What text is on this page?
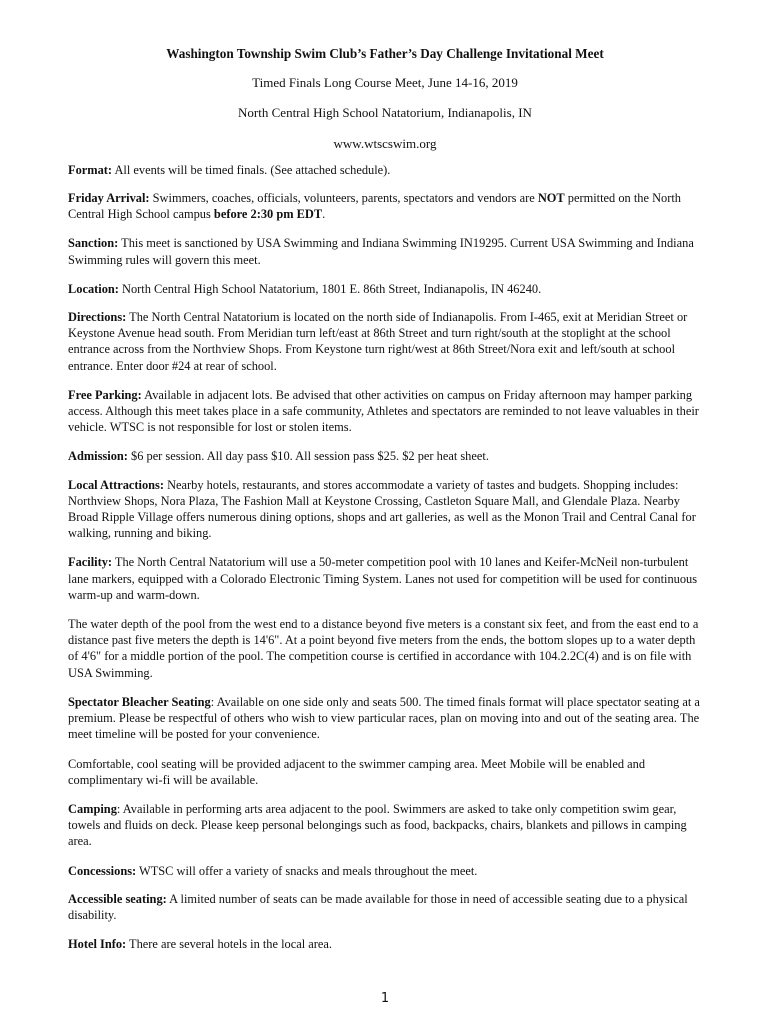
Washington Township Swim Club’s Father’s Day Challenge Invitational Meet

Timed Finals Long Course Meet, June 14-16, 2019

North Central High School Natatorium, Indianapolis, IN

www.wtscswim.org

Format: All events will be timed finals. (See attached schedule).

Friday Arrival: Swimmers, coaches, officials, volunteers, parents, spectators and vendors are NOT permitted on the North Central High School campus before 2:30 pm EDT.

Sanction: This meet is sanctioned by USA Swimming and Indiana Swimming IN19295. Current USA Swimming and Indiana Swimming rules will govern this meet.

Location: North Central High School Natatorium, 1801 E. 86th Street, Indianapolis, IN 46240.

Directions: The North Central Natatorium is located on the north side of Indianapolis. From I-465, exit at Meridian Street or Keystone Avenue head south. From Meridian turn left/east at 86th Street and turn right/south at the stoplight at the school entrance across from the Northview Shops. From Keystone turn right/west at 86th Street/Nora exit and left/south at school entrance. Enter door #24 at rear of school.

Free Parking: Available in adjacent lots. Be advised that other activities on campus on Friday afternoon may hamper parking access. Although this meet takes place in a safe community, Athletes and spectators are reminded to not leave valuables in their vehicle. WTSC is not responsible for lost or stolen items.

Admission: $6 per session. All day pass $10. All session pass $25. $2 per heat sheet.

Local Attractions: Nearby hotels, restaurants, and stores accommodate a variety of tastes and budgets. Shopping includes: Northview Shops, Nora Plaza, The Fashion Mall at Keystone Crossing, Castleton Square Mall, and Glendale Plaza. Nearby Broad Ripple Village offers numerous dining options, shops and art galleries, as well as the Monon Trail and Central Canal for walking, running and biking.

Facility: The North Central Natatorium will use a 50-meter competition pool with 10 lanes and Keifer-McNeil non-turbulent lane markers, equipped with a Colorado Electronic Timing System. Lanes not used for competition will be used for continuous warm-up and warm-down.

The water depth of the pool from the west end to a distance beyond five meters is a constant six feet, and from the east end to a distance past five meters the depth is 14'6". At a point beyond five meters from the ends, the bottom slopes up to a water depth of 4'6" for a middle portion of the pool. The competition course is certified in accordance with 104.2.2C(4) and is on file with USA Swimming.

Spectator Bleacher Seating: Available on one side only and seats 500. The timed finals format will place spectator seating at a premium. Please be respectful of others who wish to view particular races, plan on moving into and out of the seating area. The meet timeline will be posted for your convenience.

Comfortable, cool seating will be provided adjacent to the swimmer camping area. Meet Mobile will be enabled and complimentary wi-fi will be available.

Camping: Available in performing arts area adjacent to the pool. Swimmers are asked to take only competition swim gear, towels and fluids on deck. Please keep personal belongings such as food, backpacks, chairs, blankets and pillows in camping area.

Concessions: WTSC will offer a variety of snacks and meals throughout the meet.

Accessible seating: A limited number of seats can be made available for those in need of accessible seating due to a physical disability.

Hotel Info: There are several hotels in the local area.

1
